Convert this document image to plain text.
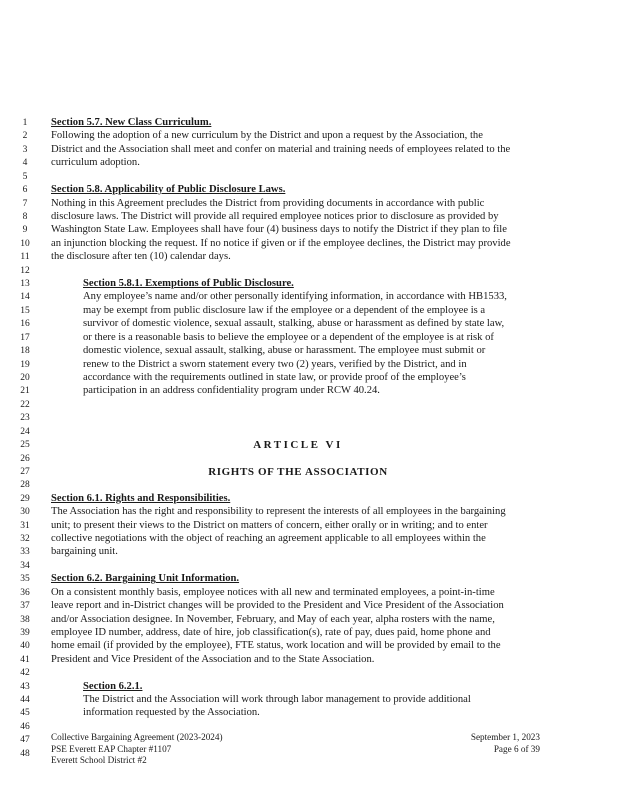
1	Section 5.7. New Class Curriculum.
2	Following the adoption of a new curriculum by the District and upon a request by the Association, the
3	District and the Association shall meet and confer on material and training needs of employees related to the
4	curriculum adoption.
5
6	Section 5.8. Applicability of Public Disclosure Laws.
7	Nothing in this Agreement precludes the District from providing documents in accordance with public
8	disclosure laws. The District will provide all required employee notices prior to disclosure as provided by
9	Washington State Law. Employees shall have four (4) business days to notify the District if they plan to file
10	an injunction blocking the request. If no notice if given or if the employee declines, the District may provide
11	the disclosure after ten (10) calendar days.
12
13	Section 5.8.1. Exemptions of Public Disclosure.
14	Any employee’s name and/or other personally identifying information, in accordance with HB1533,
15	may be exempt from public disclosure law if the employee or a dependent of the employee is a
16	survivor of domestic violence, sexual assault, stalking, abuse or harassment as defined by state law,
17	or there is a reasonable basis to believe the employee or a dependent of the employee is at risk of
18	domestic violence, sexual assault, stalking, abuse or harassment. The employee must submit or
19	renew to the District a sworn statement every two (2) years, verified by the District, and in
20	accordance with the requirements outlined in state law, or provide proof of the employee’s
21	participation in an address confidentiality program under RCW 40.24.
22
23
24
25	ARTICLE VI
26
27	RIGHTS OF THE ASSOCIATION
28
29	Section 6.1. Rights and Responsibilities.
30	The Association has the right and responsibility to represent the interests of all employees in the bargaining
31	unit; to present their views to the District on matters of concern, either orally or in writing; and to enter
32	collective negotiations with the object of reaching an agreement applicable to all employees within the
33	bargaining unit.
34
35	Section 6.2. Bargaining Unit Information.
36	On a consistent monthly basis, employee notices with all new and terminated employees, a point-in-time
37	leave report and in-District changes will be provided to the President and Vice President of the Association
38	and/or Association designee. In November, February, and May of each year, alpha rosters with the name,
39	employee ID number, address, date of hire, job classification(s), rate of pay, dues paid, home phone and
40	home email (if provided by the employee), FTE status, work location and will be provided by email to the
41	President and Vice President of the Association and to the State Association.
42
43	Section 6.2.1.
44	The District and the Association will work through labor management to provide additional
45	information requested by the Association.
46
47
48
Collective Bargaining Agreement (2023-2024)
PSE Everett EAP Chapter #1107
Everett School District #2
September 1, 2023
Page 6 of 39
